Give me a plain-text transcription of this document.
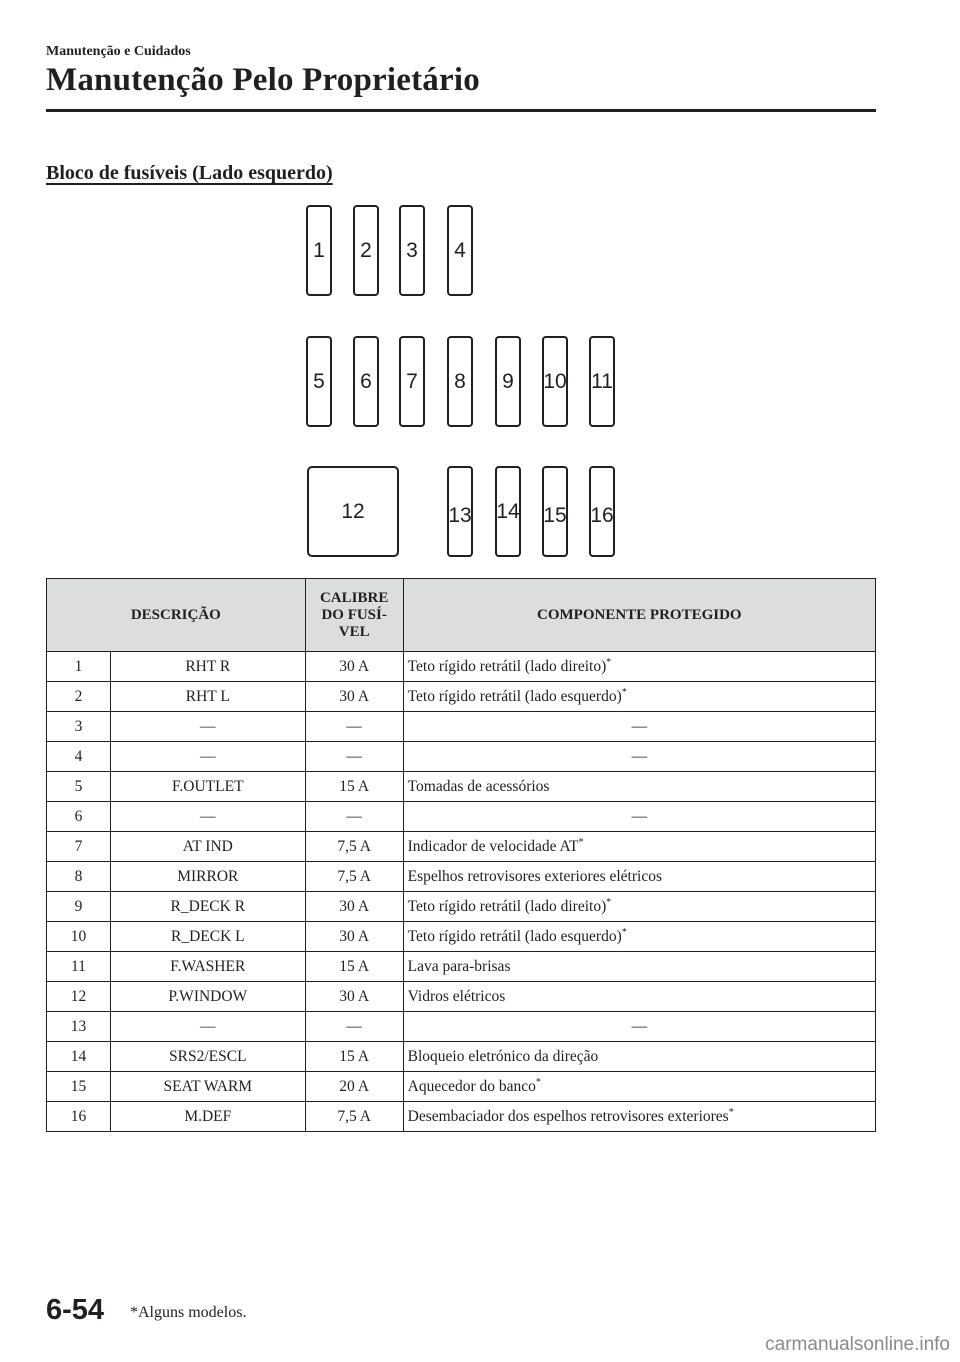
Manutenção e Cuidados
Manutenção Pelo Proprietário
Bloco de fusíveis (Lado esquerdo)
1	2	3	4
5	6	7	8	9	10 11
12	13 14 15 16
DESCRIÇÃO		CALIBRE
DO FUSÍ-
VEL	COMPONENTE PROTEGIDO
1	RHT R	30 A	Teto rígido retrátil (lado direito)*
2	RHT L	30 A	Teto rígido retrátil (lado esquerdo)*
3	—	—	—
4	—	—	—
5	F.OUTLET	15 A	Tomadas de acessórios
6	—	—	—
7	AT IND	7,5 A	Indicador de velocidade AT*
8	MIRROR	7,5 A	Espelhos retrovisores exteriores elétricos
9	R_DECK R	30 A	Teto rígido retrátil (lado direito)*
10	R_DECK L	30 A	Teto rígido retrátil (lado esquerdo)*
11	F.WASHER	15 A	Lava para-brisas
12	P.WINDOW	30 A	Vidros elétricos
13	—	—	—
14	SRS2/ESCL	15 A	Bloqueio eletrónico da direção
15	SEAT WARM	20 A	Aquecedor do banco*
16	M.DEF	7,5 A	Desembaciador dos espelhos retrovisores exteriores*
6-54 *Alguns modelos.
carmanualsonline.info
